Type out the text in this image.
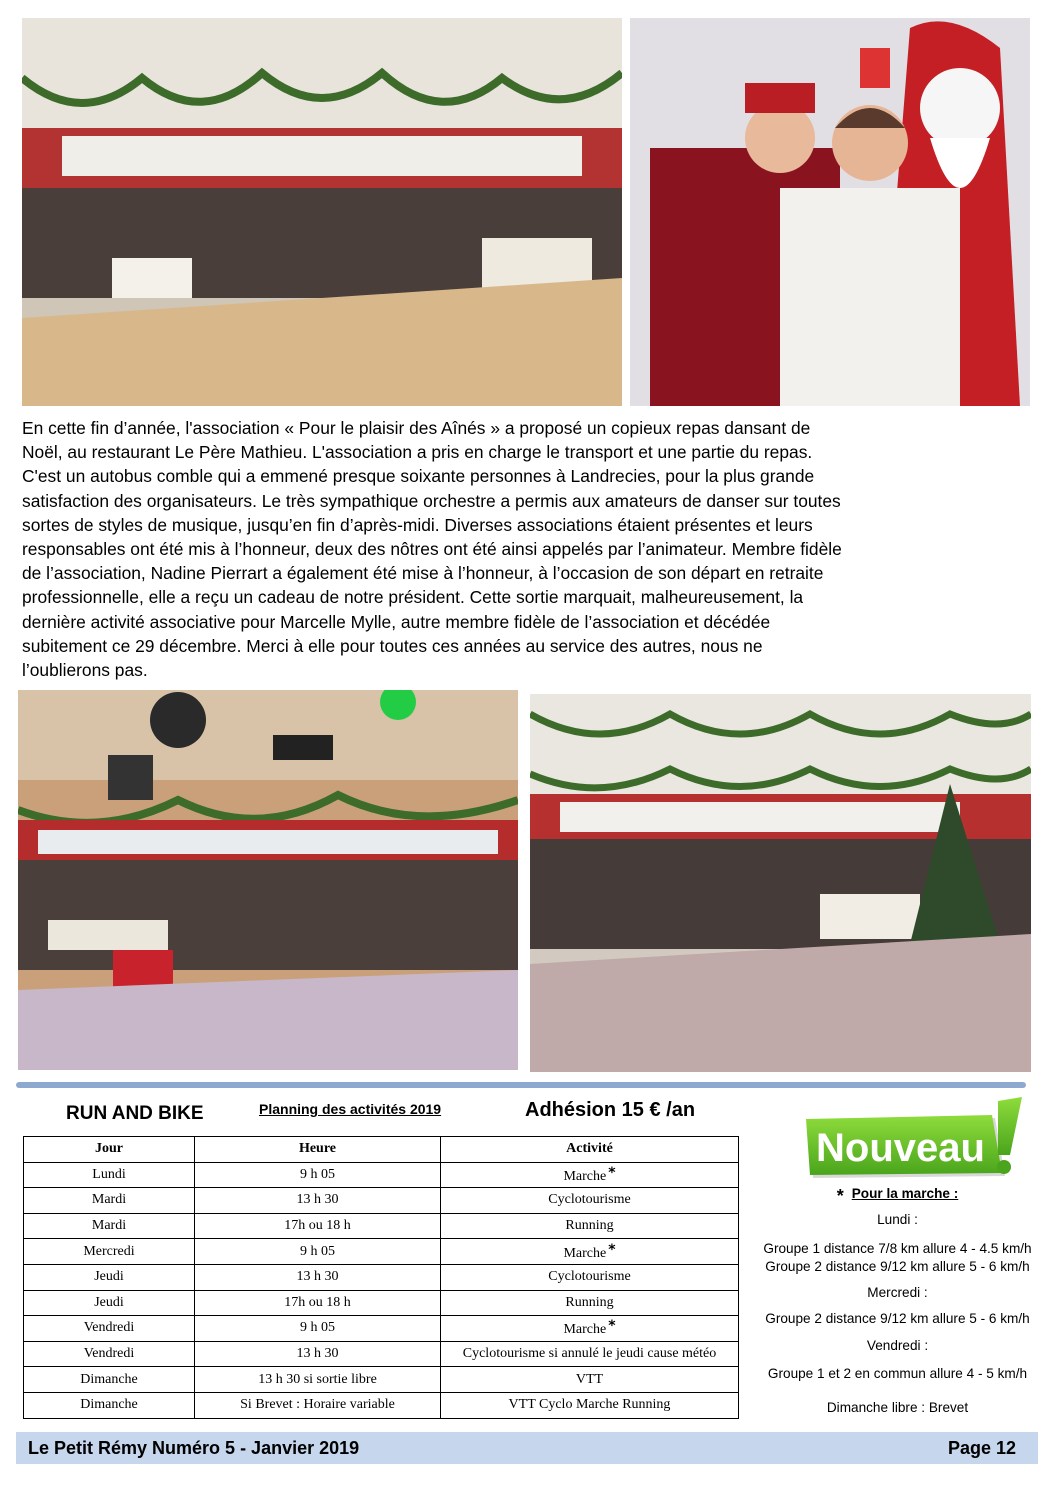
En cette fin d’année, l'association « Pour le plaisir des Aînés » a proposé un copieux repas dansant de

Noël, au restaurant Le Père Mathieu. L'association a pris en charge le transport et une partie du repas.

C'est un autobus comble qui a emmené presque soixante personnes à Landrecies, pour la plus grande

satisfaction des organisateurs. Le très sympathique orchestre a permis aux amateurs de danser sur toutes

sortes de styles de musique, jusqu’en fin d’après-midi. Diverses associations étaient présentes et leurs

responsables ont été mis à l’honneur, deux des nôtres ont été ainsi appelés par l’animateur. Membre fidèle

de l’association, Nadine Pierrart a également été mise à l’honneur, à l’occasion de son départ en retraite

professionnelle, elle a reçu un cadeau de notre président. Cette sortie marquait, malheureusement, la

dernière activité associative pour Marcelle Mylle, autre membre fidèle de l’association et décédée

subitement ce 29 décembre. Merci à elle pour toutes ces années au service des autres, nous ne

l’oublierons pas.

RUN AND BIKE	Planning des activités 2019	Adhésion 15 € /an
Jour	Heure	Activité
Lundi	9 h 05	Marche *
Mardi	13 h 30	Cyclotourisme
Mardi	17h ou 18 h	Running
Mercredi	9 h 05	Marche *
Jeudi	13 h 30	Cyclotourisme
Jeudi	17h ou 18 h	Running
Vendredi	9 h 05	Marche *
Vendredi	13 h 30	Cyclotourisme si annulé le jeudi cause météo
Dimanche	13 h 30 si sortie libre	VTT
Dimanche	Si Brevet : Horaire variable	VTT Cyclo Marche Running
Nouveau
* Pour la marche :
Lundi :
Groupe 1 distance 7/8 km allure 4 - 4.5 km/h
Groupe 2 distance 9/12 km allure 5 - 6 km/h
Mercredi :
Groupe 2 distance 9/12 km allure 5 - 6 km/h
Vendredi :
Groupe 1 et 2 en commun allure 4 - 5 km/h
Dimanche libre : Brevet
Le Petit Rémy Numéro 5 - Janvier 2019	Page 12
